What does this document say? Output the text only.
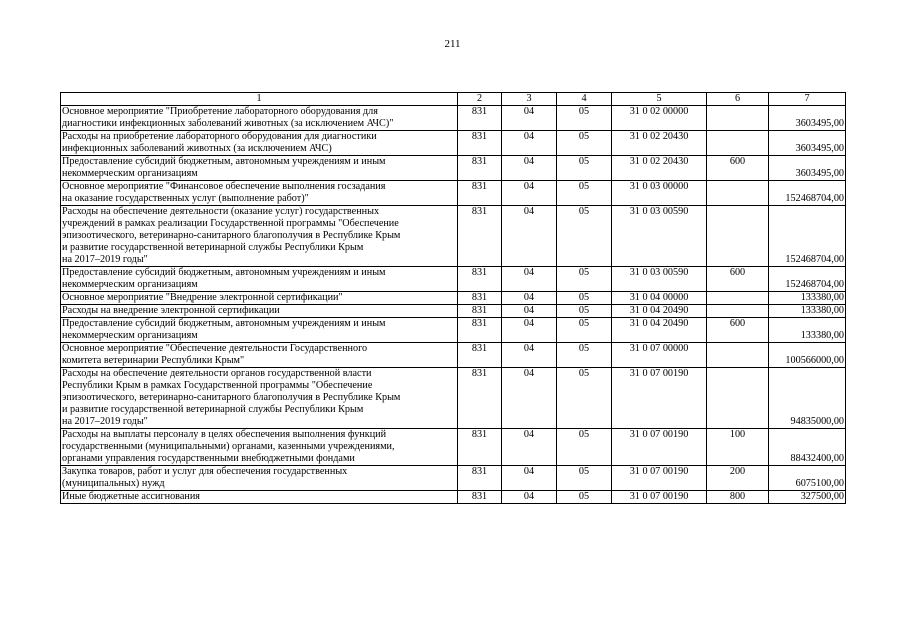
211
1	2	3	4	5	6	7
Основное мероприятие "Приобретение лабораторного оборудования для
диагностики инфекционных заболеваний животных (за исключением АЧС)"	831	04	05	31 0 02 00000		3603495,00
Расходы на приобретение лабораторного оборудования для диагностики
инфекционных заболеваний животных (за исключением АЧС)	831	04	05	31 0 02 20430		3603495,00
Предоставление субсидий бюджетным, автономным учреждениям и иным
некоммерческим организациям	831	04	05	31 0 02 20430	600	3603495,00
Основное мероприятие "Финансовое обеспечение выполнения госзадания
на оказание государственных услуг (выполнение работ)"	831	04	05	31 0 03 00000		152468704,00
Расходы на обеспечение деятельности (оказание услуг) государственных
учреждений в рамках реализации Государственной программы "Обеспечение
эпизоотического, ветеринарно-санитарного благополучия в Республике Крым
и развитие государственной ветеринарной службы Республики Крым
на 2017–2019 годы"	831	04	05	31 0 03 00590		152468704,00
Предоставление субсидий бюджетным, автономным учреждениям и иным
некоммерческим организациям	831	04	05	31 0 03 00590	600	152468704,00
Основное мероприятие "Внедрение электронной сертификации"	831	04	05	31 0 04 00000		133380,00
Расходы на внедрение электронной сертификации	831	04	05	31 0 04 20490		133380,00
Предоставление субсидий бюджетным, автономным учреждениям и иным
некоммерческим организациям	831	04	05	31 0 04 20490	600	133380,00
Основное мероприятие "Обеспечение деятельности Государственного
комитета ветеринарии Республики Крым"	831	04	05	31 0 07 00000		100566000,00
Расходы на обеспечение деятельности органов государственной власти
Республики Крым в рамках Государственной программы "Обеспечение
эпизоотического, ветеринарно-санитарного благополучия в Республике Крым
и развитие государственной ветеринарной службы Республики Крым
на 2017–2019 годы"	831	04	05	31 0 07 00190		94835000,00
Расходы на выплаты персоналу в целях обеспечения выполнения функций
государственными (муниципальными) органами, казенными учреждениями,
органами управления государственными внебюджетными фондами	831	04	05	31 0 07 00190	100	88432400,00
Закупка товаров, работ и услуг для обеспечения государственных
(муниципальных) нужд	831	04	05	31 0 07 00190	200	6075100,00
Иные бюджетные ассигнования	831	04	05	31 0 07 00190	800	327500,00
